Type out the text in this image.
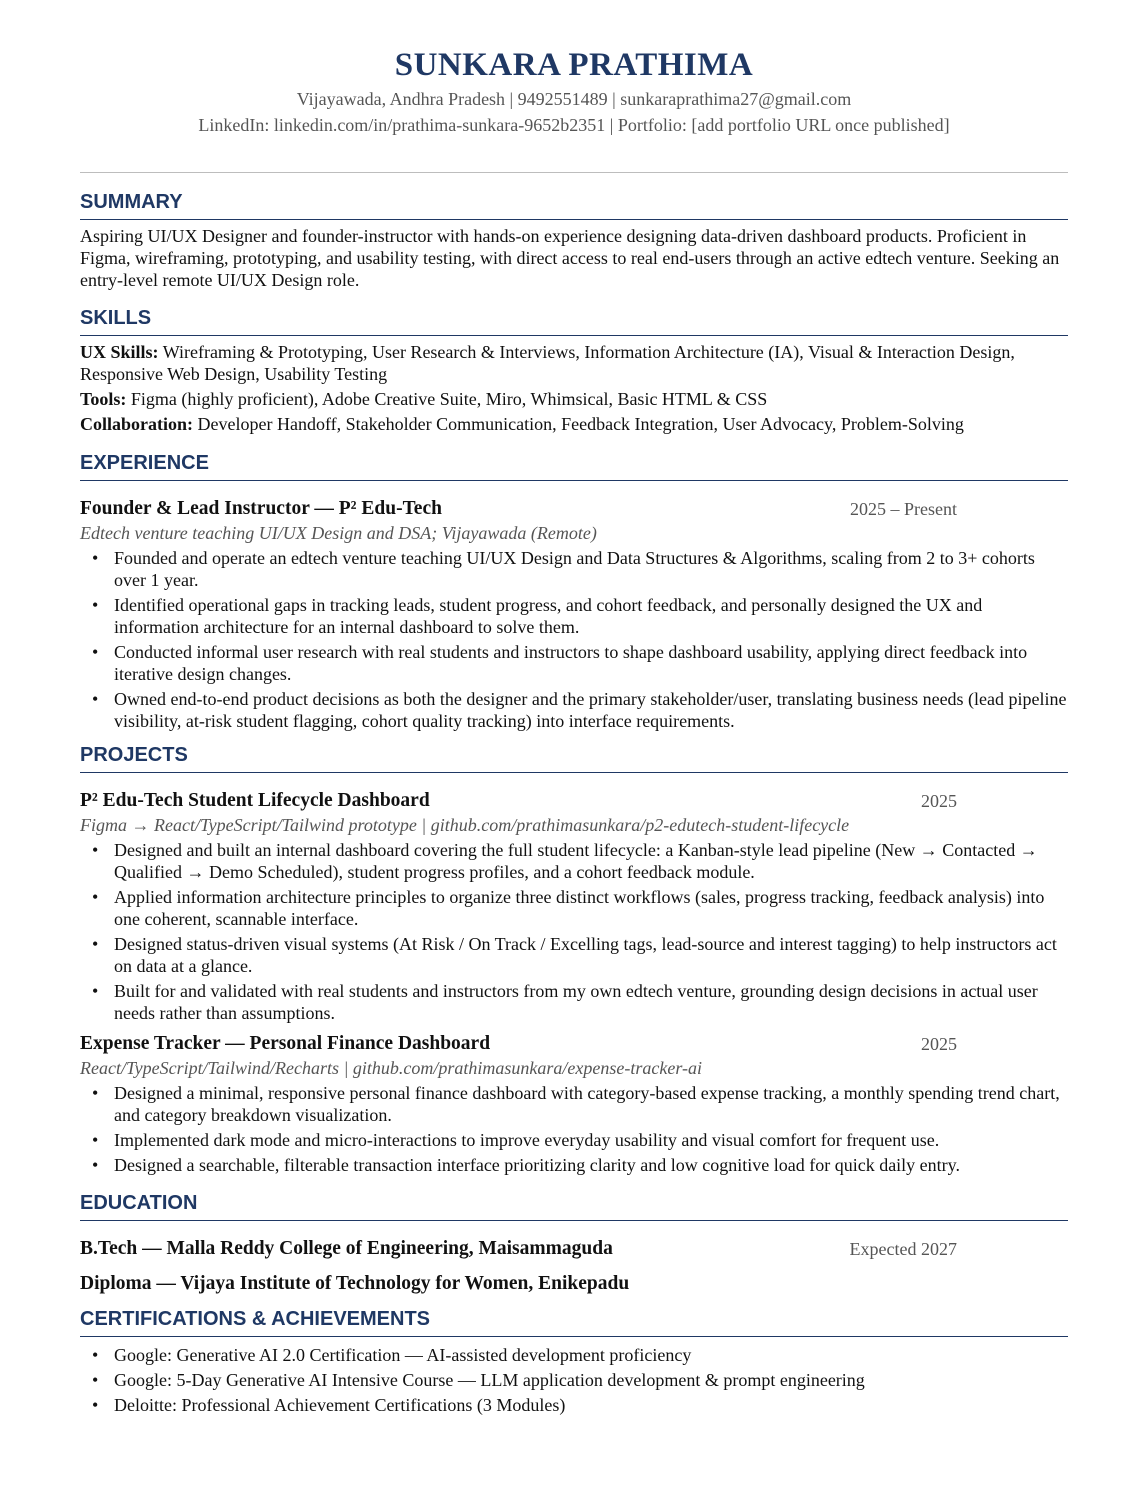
SUNKARA PRATHIMA
Vijayawada, Andhra Pradesh | 9492551489 | sunkaraprathima27@gmail.com
LinkedIn: linkedin.com/in/prathima-sunkara-9652b2351 | Portfolio: [add portfolio URL once published]
SUMMARY
Aspiring UI/UX Designer and founder-instructor with hands-on experience designing data-driven dashboard products. Proficient in Figma, wireframing, prototyping, and usability testing, with direct access to real end-users through an active edtech venture. Seeking an entry-level remote UI/UX Design role.
SKILLS
UX Skills: Wireframing & Prototyping, User Research & Interviews, Information Architecture (IA), Visual & Interaction Design, Responsive Web Design, Usability Testing
Tools: Figma (highly proficient), Adobe Creative Suite, Miro, Whimsical, Basic HTML & CSS
Collaboration: Developer Handoff, Stakeholder Communication, Feedback Integration, User Advocacy, Problem-Solving
EXPERIENCE
Founder & Lead Instructor — P² Edu-Tech	2025 – Present
Edtech venture teaching UI/UX Design and DSA; Vijayawada (Remote)
• Founded and operate an edtech venture teaching UI/UX Design and Data Structures & Algorithms, scaling from 2 to 3+ cohorts over 1 year.
• Identified operational gaps in tracking leads, student progress, and cohort feedback, and personally designed the UX and information architecture for an internal dashboard to solve them.
• Conducted informal user research with real students and instructors to shape dashboard usability, applying direct feedback into iterative design changes.
• Owned end-to-end product decisions as both the designer and the primary stakeholder/user, translating business needs (lead pipeline visibility, at-risk student flagging, cohort quality tracking) into interface requirements.
PROJECTS
P² Edu-Tech Student Lifecycle Dashboard	2025
Figma → React/TypeScript/Tailwind prototype | github.com/prathimasunkara/p2-edutech-student-lifecycle
• Designed and built an internal dashboard covering the full student lifecycle: a Kanban-style lead pipeline (New → Contacted → Qualified → Demo Scheduled), student progress profiles, and a cohort feedback module.
• Applied information architecture principles to organize three distinct workflows (sales, progress tracking, feedback analysis) into one coherent, scannable interface.
• Designed status-driven visual systems (At Risk / On Track / Excelling tags, lead-source and interest tagging) to help instructors act on data at a glance.
• Built for and validated with real students and instructors from my own edtech venture, grounding design decisions in actual user needs rather than assumptions.
Expense Tracker — Personal Finance Dashboard	2025
React/TypeScript/Tailwind/Recharts | github.com/prathimasunkara/expense-tracker-ai
• Designed a minimal, responsive personal finance dashboard with category-based expense tracking, a monthly spending trend chart, and category breakdown visualization.
• Implemented dark mode and micro-interactions to improve everyday usability and visual comfort for frequent use.
• Designed a searchable, filterable transaction interface prioritizing clarity and low cognitive load for quick daily entry.
EDUCATION
B.Tech — Malla Reddy College of Engineering, Maisammaguda	Expected 2027
Diploma — Vijaya Institute of Technology for Women, Enikepadu
CERTIFICATIONS & ACHIEVEMENTS
• Google: Generative AI 2.0 Certification — AI-assisted development proficiency
• Google: 5-Day Generative AI Intensive Course — LLM application development & prompt engineering
• Deloitte: Professional Achievement Certifications (3 Modules)
